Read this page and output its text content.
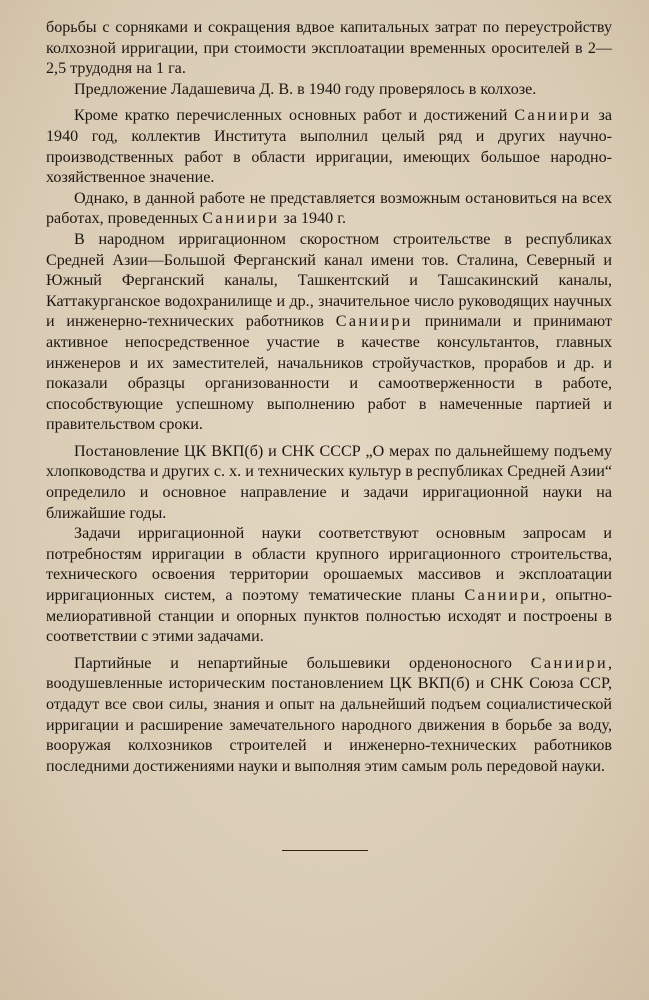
борьбы с сорняками и сокращения вдвое капитальных затрат по переустройству колхозной ирригации, при стоимости эксплоатации временных оросителей в 2—2,5 трудодня на 1 га.

Предложение Ладашевича Д. В. в 1940 году проверялось в колхозе.

Кроме кратко перечисленных основных работ и достижений Саниири за 1940 год, коллектив Института выполнил целый ряд и других научно-производственных работ в области ирригации, имеющих большое народно-хозяйственное значение.

Однако, в данной работе не представляется возможным остановиться на всех работах, проведенных Саниири за 1940 г.

В народном ирригационном скоростном строительстве в республиках Средней Азии—Большой Ферганский канал имени тов. Сталина, Северный и Южный Ферганский каналы, Ташкентский и Ташсакинский каналы, Каттакурганское водохранилище и др., значительное число руководящих научных и инженерно-технических работников Саниири принимали и принимают активное непосредственное участие в качестве консультантов, главных инженеров и их заместителей, начальников стройучастков, прорабов и др. и показали образцы организованности и самоотверженности в работе, способствующие успешному выполнению работ в намеченные партией и правительством сроки.

Постановление ЦК ВКП(б) и СНК СССР „О мерах по дальнейшему подъему хлопководства и других с. х. и технических культур в республиках Средней Азии“ определило и основное направление и задачи ирригационной науки на ближайшие годы.

Задачи ирригационной науки соответствуют основным запросам и потребностям ирригации в области крупного ирригационного строительства, технического освоения территории орошаемых массивов и эксплоатации ирригационных систем, а поэтому тематические планы Саниири, опытно-мелиоративной станции и опорных пунктов полностью исходят и построены в соответствии с этими задачами.

Партийные и непартийные большевики орденоносного Саниири, воодушевленные историческим постановлением ЦК ВКП(б) и СНК Союза ССР, отдадут все свои силы, знания и опыт на дальнейший подъем социалистической ирригации и расширение замечательного народного движения в борьбе за воду, вооружая колхозников строителей и инженерно-технических работников последними достижениями науки и выполняя этим самым роль передовой науки.
